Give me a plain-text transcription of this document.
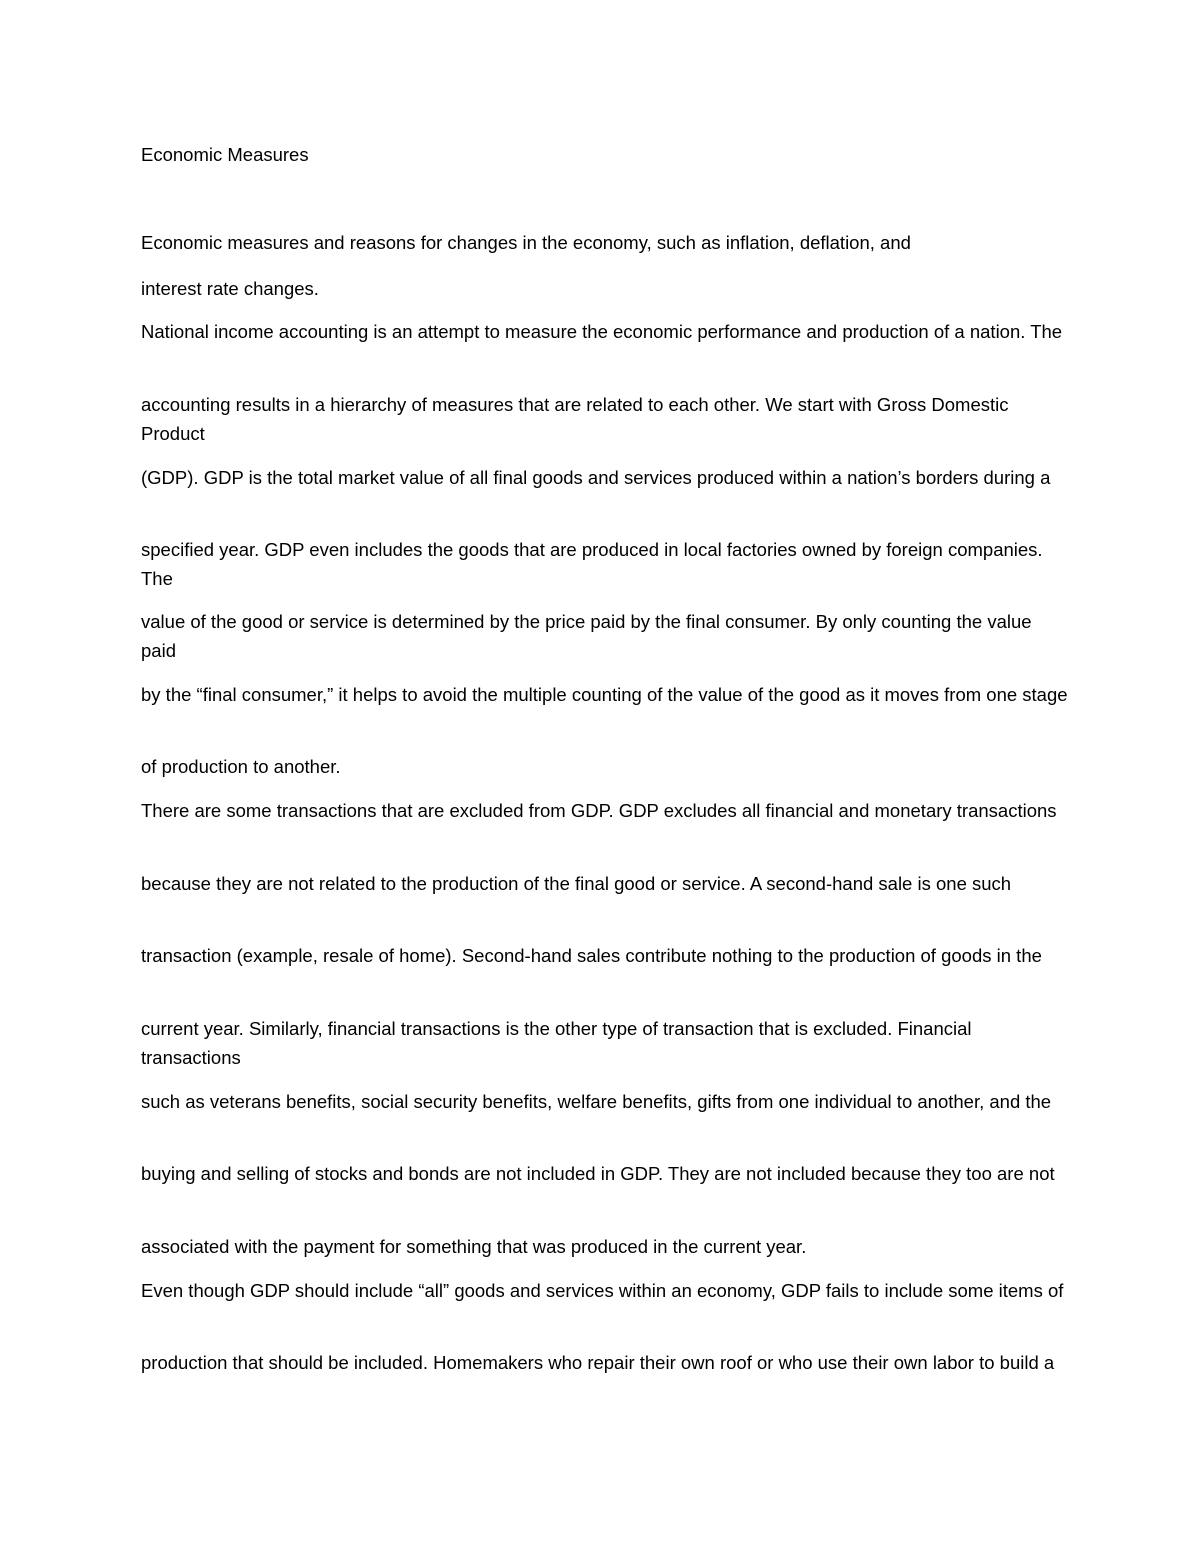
Economic Measures

Economic measures and reasons for changes in the economy, such as inflation, deflation, and

interest rate changes.

National income accounting is an attempt to measure the economic performance and production of a nation. The

accounting results in a hierarchy of measures that are related to each other. We start with Gross Domestic Product

(GDP). GDP is the total market value of all final goods and services produced within a nation’s borders during a

specified year. GDP even includes the goods that are produced in local factories owned by foreign companies. The

value of the good or service is determined by the price paid by the final consumer. By only counting the value paid

by the “final consumer,” it helps to avoid the multiple counting of the value of the good as it moves from one stage

of production to another.

There are some transactions that are excluded from GDP. GDP excludes all financial and monetary transactions

because they are not related to the production of the final good or service. A second-hand sale is one such

transaction (example, resale of home). Second-hand sales contribute nothing to the production of goods in the

current year. Similarly, financial transactions is the other type of transaction that is excluded. Financial transactions

such as veterans benefits, social security benefits, welfare benefits, gifts from one individual to another, and the

buying and selling of stocks and bonds are not included in GDP. They are not included because they too are not

associated with the payment for something that was produced in the current year.

Even though GDP should include “all” goods and services within an economy, GDP fails to include some items of

production that should be included. Homemakers who repair their own roof or who use their own labor to build a
